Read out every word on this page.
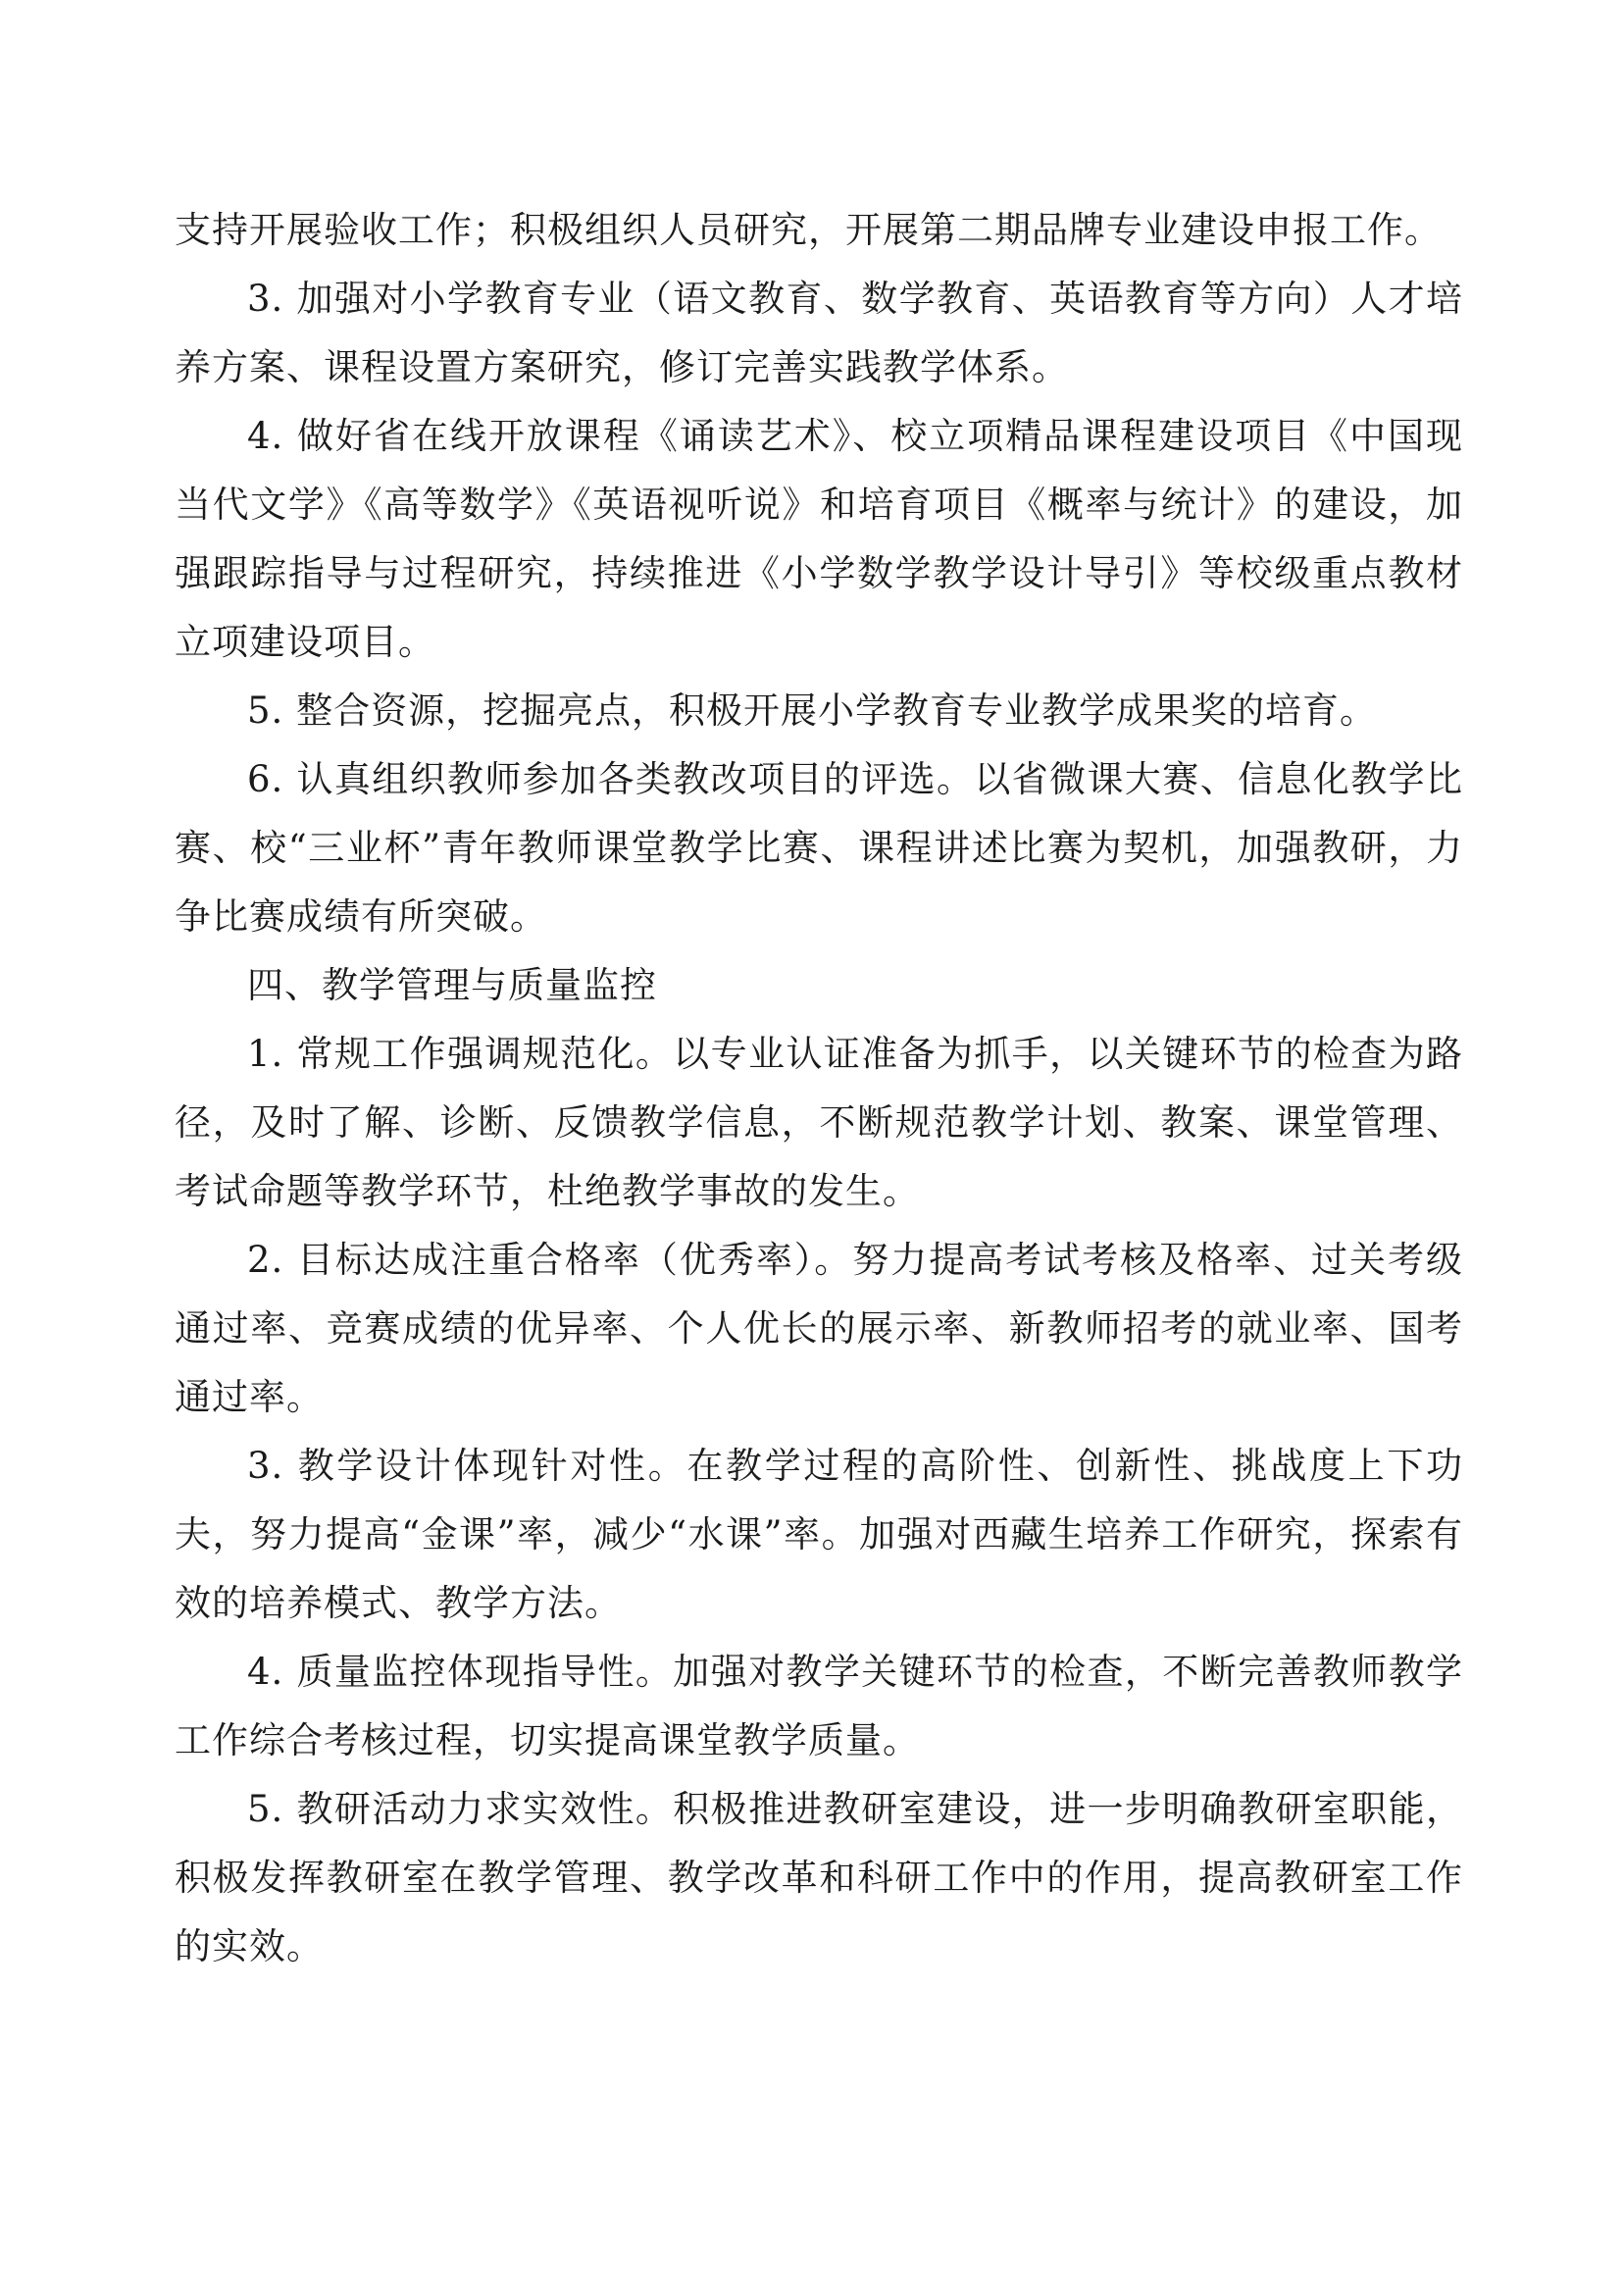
支持开展验收工作；积极组织人员研究，开展第二期品牌专业建设申报工作。

3. 加强对小学教育专业（语文教育、数学教育、英语教育等方向）人才培养方案、课程设置方案研究，修订完善实践教学体系。

4. 做好省在线开放课程《诵读艺术》、校立项精品课程建设项目《中国现当代文学》《高等数学》《英语视听说》和培育项目《概率与统计》的建设，加强跟踪指导与过程研究，持续推进《小学数学教学设计导引》等校级重点教材立项建设项目。

5. 整合资源，挖掘亮点，积极开展小学教育专业教学成果奖的培育。

6. 认真组织教师参加各类教改项目的评选。以省微课大赛、信息化教学比赛、校“三业杯”青年教师课堂教学比赛、课程讲述比赛为契机，加强教研，力争比赛成绩有所突破。

四、教学管理与质量监控

1. 常规工作强调规范化。以专业认证准备为抓手，以关键环节的检查为路径，及时了解、诊断、反馈教学信息，不断规范教学计划、教案、课堂管理、考试命题等教学环节，杜绝教学事故的发生。

2. 目标达成注重合格率（优秀率）。努力提高考试考核及格率、过关考级通过率、竞赛成绩的优异率、个人优长的展示率、新教师招考的就业率、国考通过率。

3. 教学设计体现针对性。在教学过程的高阶性、创新性、挑战度上下功夫，努力提高“金课”率，减少“水课”率。加强对西藏生培养工作研究，探索有效的培养模式、教学方法。

4. 质量监控体现指导性。加强对教学关键环节的检查，不断完善教师教学工作综合考核过程，切实提高课堂教学质量。

5. 教研活动力求实效性。积极推进教研室建设，进一步明确教研室职能，积极发挥教研室在教学管理、教学改革和科研工作中的作用，提高教研室工作的实效。
